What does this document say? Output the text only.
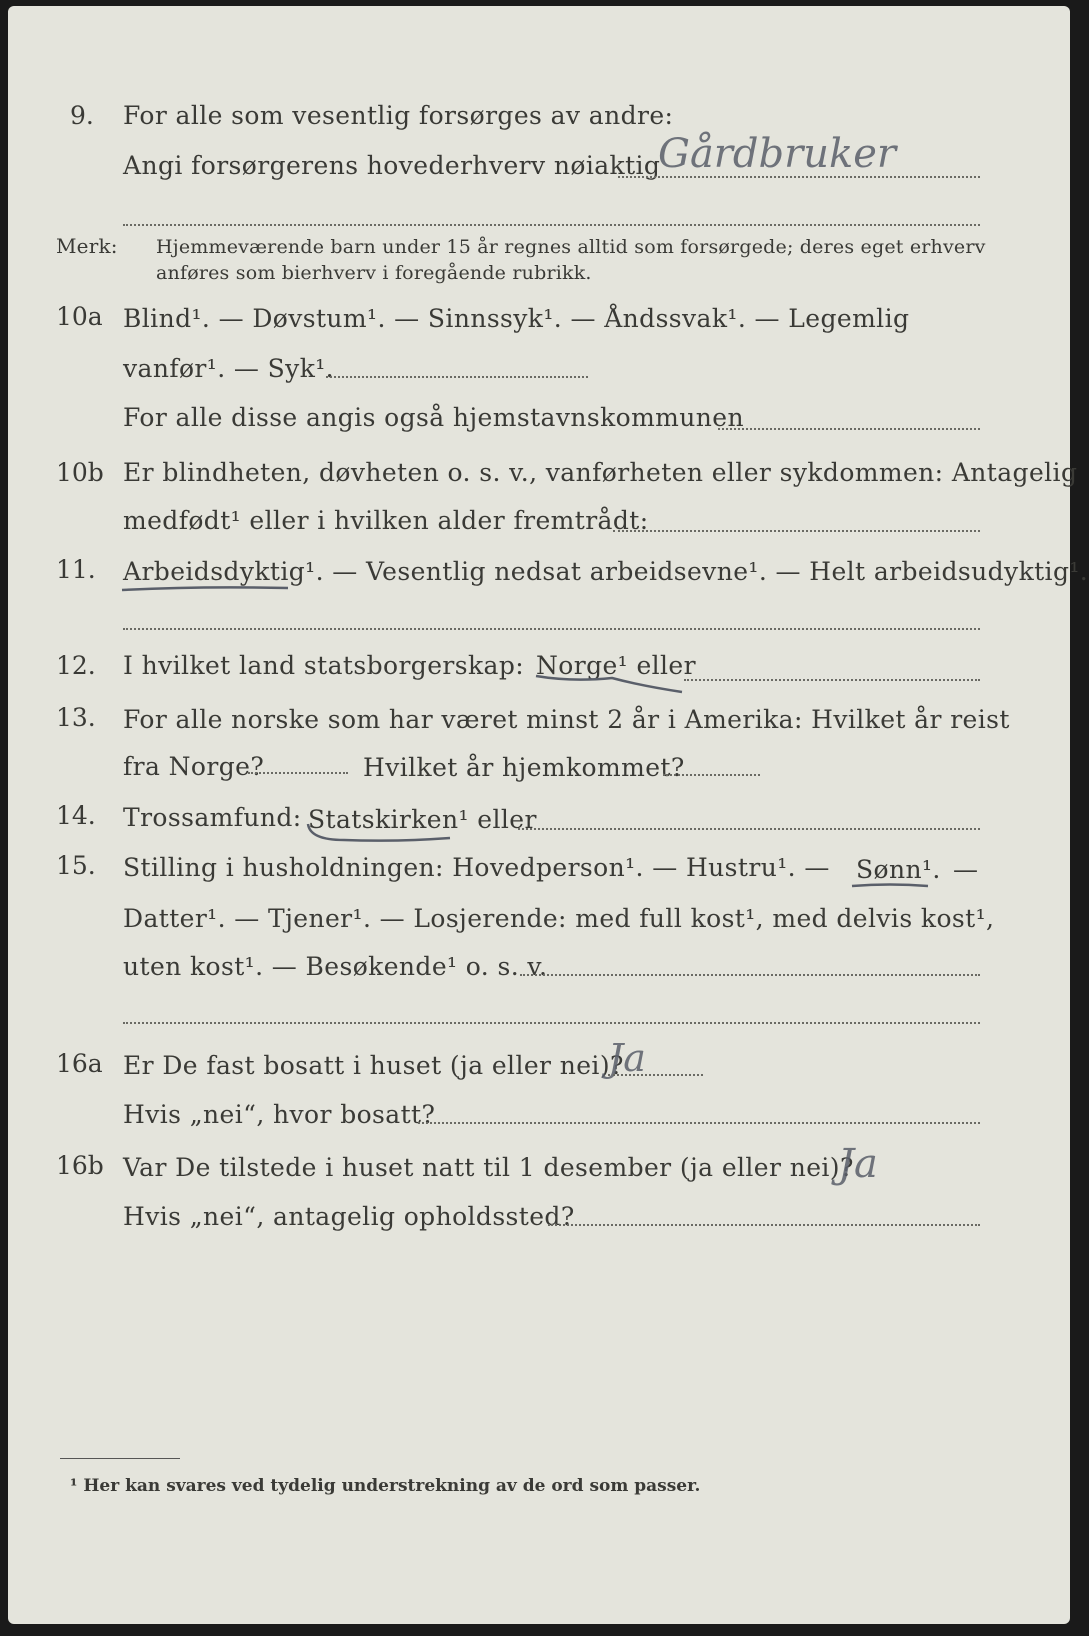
9. For alle som vesentlig forsørges av andre:
Angi forsørgerens hovederhverv nøiaktig
Gårdbruker
Merk: Hjemmeværende barn under 15 år regnes alltid som forsørgede; deres eget erhverv
anføres som bierhverv i foregående rubrikk.
10a Blind¹. — Døvstum¹. — Sinnssyk¹. — Åndssvak¹. — Legemlig
vanfør¹. — Syk¹.
For alle disse angis også hjemstavnskommunen
10b Er blindheten, døvheten o. s. v., vanførheten eller sykdommen: Antagelig
medfødt¹ eller i hvilken alder fremtrådt:
11. Arbeidsdyktig¹. — Vesentlig nedsat arbeidsevne¹. — Helt arbeidsudyktig¹.
12. I hvilket land statsborgerskap: Norge¹ eller
13. For alle norske som har været minst 2 år i Amerika: Hvilket år reist
fra Norge?	Hvilket år hjemkommet?
14. Trossamfund: Statskirken¹ eller
15. Stilling i husholdningen: Hovedperson¹. — Hustru¹. — Sønn¹. —
Datter¹. — Tjener¹. — Losjerende: med full kost¹, med delvis kost¹,
uten kost¹. — Besøkende¹ o. s. v.
16a Er De fast bosatt i huset (ja eller nei)?
Ja
Hvis „nei“, hvor bosatt?
16b Var De tilstede i huset natt til 1 desember (ja eller nei)?
Ja
Hvis „nei“, antagelig opholdssted?
¹ Her kan svares ved tydelig understrekning av de ord som passer.
